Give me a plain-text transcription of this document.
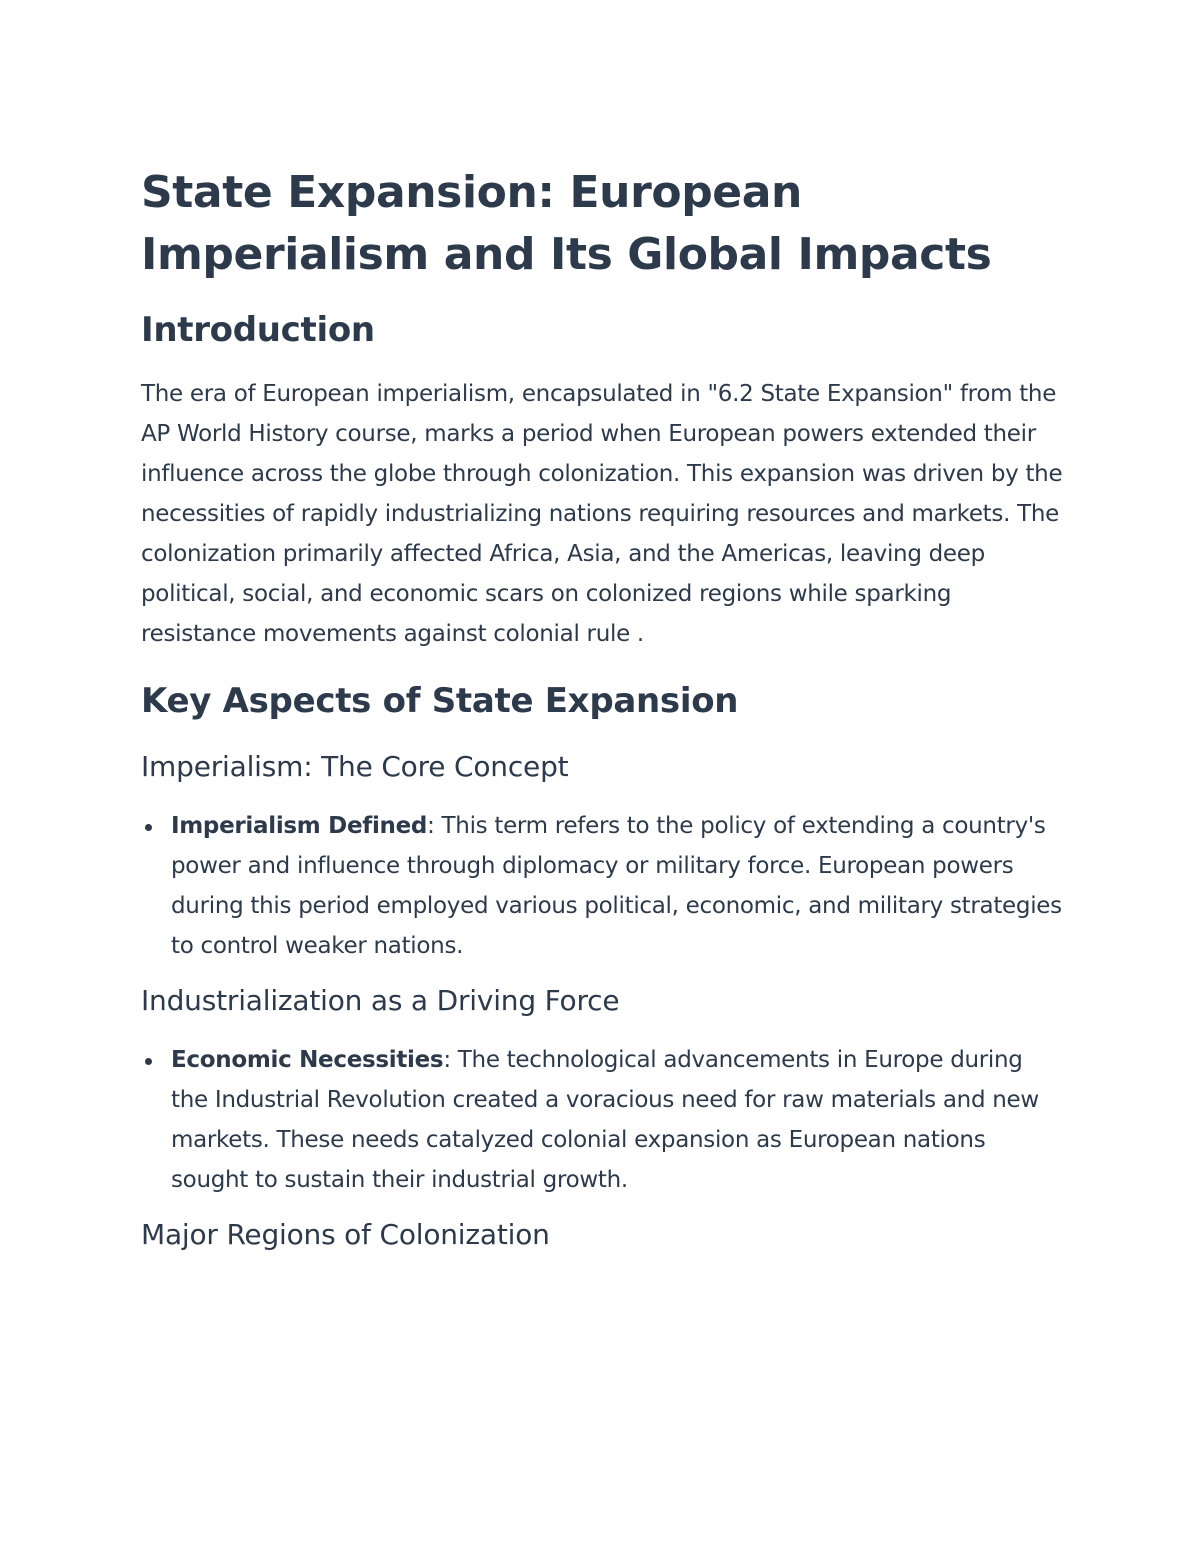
State Expansion: European Imperialism and Its Global Impacts
Introduction

The era of European imperialism, encapsulated in "6.2 State Expansion" from the AP World History course, marks a period when European powers extended their influence across the globe through colonization. This expansion was driven by the necessities of rapidly industrializing nations requiring resources and markets. The colonization primarily affected Africa, Asia, and the Americas, leaving deep political, social, and economic scars on colonized regions while sparking resistance movements against colonial rule .

Key Aspects of State Expansion
Imperialism: The Core Concept
Imperialism Defined: This term refers to the policy of extending a country's power and influence through diplomacy or military force. European powers during this period employed various political, economic, and military strategies to control weaker nations.
Industrialization as a Driving Force
Economic Necessities: The technological advancements in Europe during the Industrial Revolution created a voracious need for raw materials and new markets. These needs catalyzed colonial expansion as European nations sought to sustain their industrial growth.
Major Regions of Colonization
